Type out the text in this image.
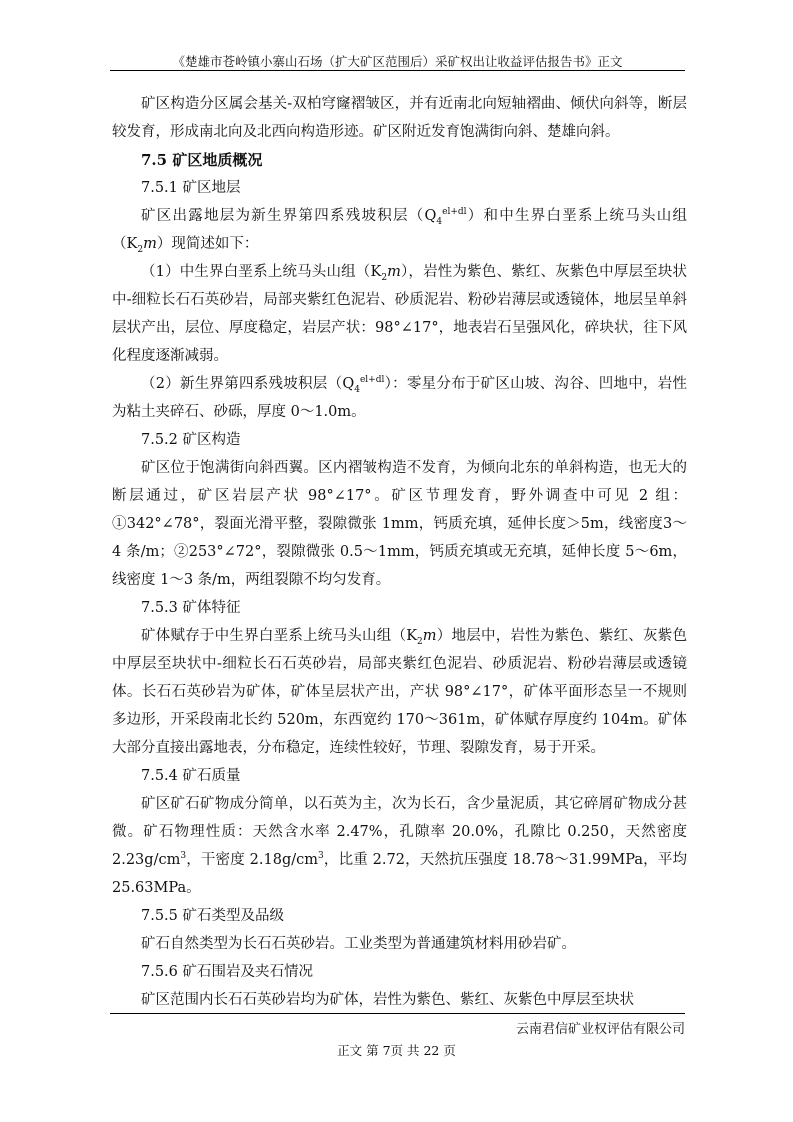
《楚雄市苍岭镇小寨山石场（扩大矿区范围后）采矿权出让收益评估报告书》正文

矿区构造分区属会基关-双柏穹窿褶皱区，并有近南北向短轴褶曲、倾伏向斜等，断层较发育，形成南北向及北西向构造形迹。矿区附近发育饱满街向斜、楚雄向斜。

7.5 矿区地质概况

7.5.1 矿区地层

矿区出露地层为新生界第四系残坡积层$(Q_4^{el+dl})$和中生界白垩系上统马头山组$(K_2m)$现简述如下：

（1）中生界白垩系上统马头山组$(K_2m)$，岩性为紫色、紫红、灰紫色中厚层至块状中-细粒长石石英砂岩，局部夹紫红色泥岩、砂质泥岩、粉砂岩薄层或透镜体，地层呈单斜层状产出，层位、厚度稳定，岩层产状：98°∠17°，地表岩石呈强风化，碎块状，往下风化程度逐渐减弱。

（2）新生界第四系残坡积层$(Q_4^{el+dl})$：零星分布于矿区山坡、沟谷、凹地中，岩性为粘土夹碎石、砂砾，厚度 0～1.0m。

7.5.2 矿区构造

矿区位于饱满街向斜西翼。区内褶皱构造不发育，为倾向北东的单斜构造，也无大的断层通过，矿区岩层产状 98°∠17°。矿区节理发育，野外调查中可见 2 组：①342°∠78°，裂面光滑平整，裂隙微张 1mm，钙质充填，延伸长度＞5m，线密度3～4 条/m；②253°∠72°，裂隙微张 0.5～1mm，钙质充填或无充填，延伸长度 5～6m，线密度 1～3 条/m，两组裂隙不均匀发育。

7.5.3 矿体特征

矿体赋存于中生界白垩系上统马头山组$(K_2m)$地层中，岩性为紫色、紫红、灰紫色中厚层至块状中-细粒长石石英砂岩，局部夹紫红色泥岩、砂质泥岩、粉砂岩薄层或透镜体。长石石英砂岩为矿体，矿体呈层状产出，产状 98°∠17°，矿体平面形态呈一不规则多边形，开采段南北长约 520m，东西宽约 170～361m，矿体赋存厚度约 104m。矿体大部分直接出露地表，分布稳定，连续性较好，节理、裂隙发育，易于开采。

7.5.4 矿石质量

矿区矿石矿物成分简单，以石英为主，次为长石，含少量泥质，其它碎屑矿物成分甚微。矿石物理性质：天然含水率 2.47%，孔隙率 20.0%，孔隙比 0.250，天然密度 $2.23g/cm^3$，干密度 $2.18g/cm^3$，比重 2.72，天然抗压强度 18.78～31.99MPa，平均 25.63MPa。

7.5.5 矿石类型及品级

矿石自然类型为长石石英砂岩。工业类型为普通建筑材料用砂岩矿。

7.5.6 矿石围岩及夹石情况

矿区范围内长石石英砂岩均为矿体，岩性为紫色、紫红、灰紫色中厚层至块状

云南君信矿业权评估有限公司
正文 第 7页 共 22 页
